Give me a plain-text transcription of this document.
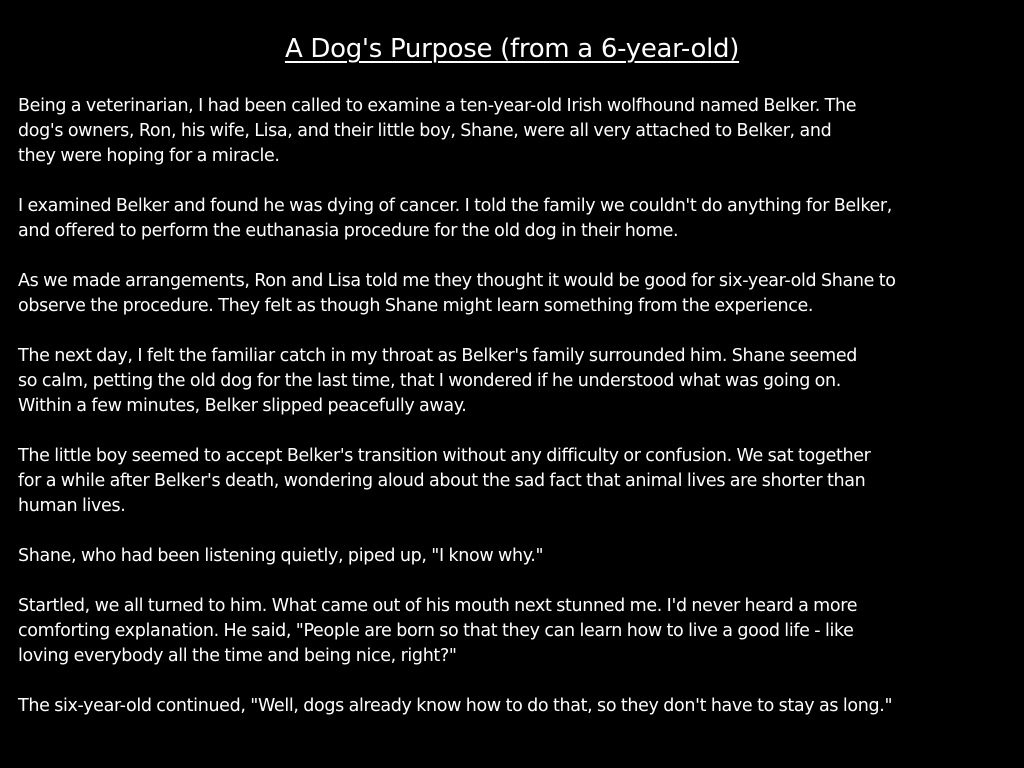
A Dog's Purpose (from a 6-year-old)

Being a veterinarian, I had been called to examine a ten-year-old Irish wolfhound named Belker. The
dog's owners, Ron, his wife, Lisa, and their little boy, Shane, were all very attached to Belker, and
they were hoping for a miracle.

I examined Belker and found he was dying of cancer. I told the family we couldn't do anything for Belker,
and offered to perform the euthanasia procedure for the old dog in their home.

As we made arrangements, Ron and Lisa told me they thought it would be good for six-year-old Shane to
observe the procedure. They felt as though Shane might learn something from the experience.

The next day, I felt the familiar catch in my throat as Belker's family surrounded him. Shane seemed
so calm, petting the old dog for the last time, that I wondered if he understood what was going on.
Within a few minutes, Belker slipped peacefully away.

The little boy seemed to accept Belker's transition without any difficulty or confusion. We sat together
for a while after Belker's death, wondering aloud about the sad fact that animal lives are shorter than
human lives.

Shane, who had been listening quietly, piped up, "I know why."

Startled, we all turned to him. What came out of his mouth next stunned me. I'd never heard a more
comforting explanation. He said, "People are born so that they can learn how to live a good life - like
loving everybody all the time and being nice, right?"

The six-year-old continued, "Well, dogs already know how to do that, so they don't have to stay as long."
